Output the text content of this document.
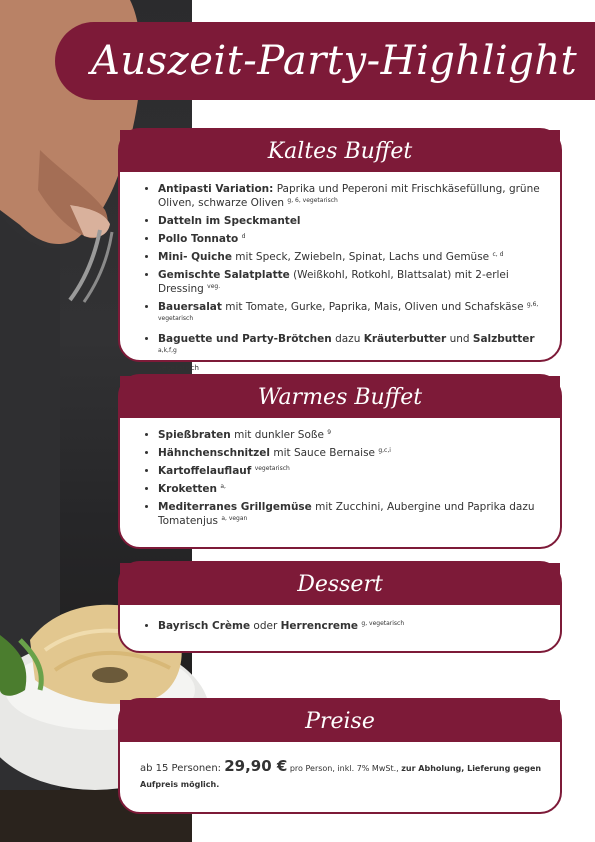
Auszeit-Party-Highlight
Kaltes Buffet
• Antipasti Variation: Paprika und Peperoni mit Frischkäsefüllung, grüne Oliven, schwarze Oliven $^{g, 6, vegetarisch}$
• Datteln im Speckmantel
• Pollo Tonnato $^d$
• Mini- Quiche mit Speck, Zwiebeln, Spinat, Lachs und Gemüse $^{c, d}$
• Gemischte Salatplatte (Weißkohl, Rotkohl, Blattsalat) mit 2-erlei Dressing $^{veg.}$
• Bauersalat mit Tomate, Gurke, Paprika, Mais, Oliven und Schafskäse $^{g,6, vegetarisch}$
• Baguette und Party-Brötchen dazu Kräuterbutter und Salzbutter $^{a,k,f,g}$
vegetarisch
Warmes Buffet
• Spießbraten mit dunkler Soße $^9$
• Hähnchenschnitzel mit Sauce Bernaise $^{g,c,i}$
• Kartoffelauflauf $^{vegetarisch}$
• Kroketten $^{a,}$
• Mediterranes Grillgemüse mit Zucchini, Aubergine und Paprika dazu Tomatenjus $^{a, vegan}$
Dessert
• Bayrisch Crème oder Herrencreme $^{g, vegetarisch}$
Preise
ab 15 Personen: 29,90 € pro Person, inkl. 7% MwSt., zur Abholung, Lieferung gegen Aufpreis möglich.
